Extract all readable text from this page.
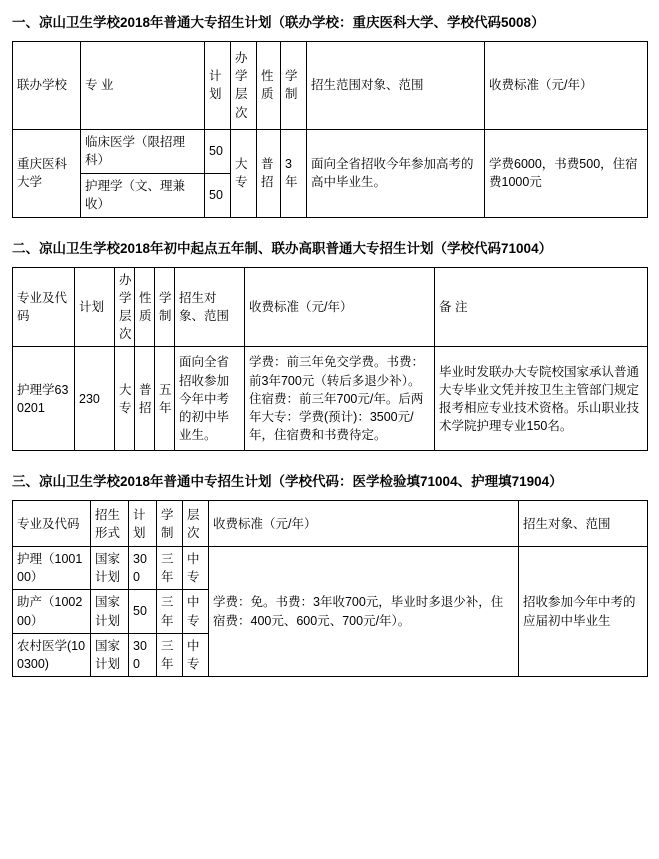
一、凉山卫生学校2018年普通大专招生计划（联办学校：重庆医科大学、学校代码5008）
联办学校	专 业	计划	办学层次	性质	学制	招生范围对象、范围	收费标准（元/年）
重庆医科大学	临床医学（限招理科）	50	大专	普招	3年	面向全省招收今年参加高考的高中毕业生。	学费6000，书费500，住宿费1000元
	护理学（文、理兼收）	50					
二、凉山卫生学校2018年初中起点五年制、联办高职普通大专招生计划（学校代码71004）
专业及代码	计划	办学层次	性质	学制	招生对象、范围	收费标准（元/年）	备 注
护理学630201	230	大专	普招	五年	面向全省招收参加今年中考的初中毕业生。	学费：前三年免交学费。书费：前3年700元（转后多退少补）。住宿费：前三年700元/年。后两年大专：学费(预计)：3500元/年，住宿费和书费待定。	毕业时发联办大专院校国家承认普通大专毕业文凭并按卫生主管部门规定报考相应专业技术资格。乐山职业技术学院护理专业150名。
三、凉山卫生学校2018年普通中专招生计划（学校代码：医学检验填71004、护理填71904）
专业及代码	招生形式	计划	学制	层次	收费标准（元/年）	招生对象、范围
护理（100100）	国家计划	300	三年	中专	学费：免。书费：3年收700元，毕业时多退少补，住宿费：400元、600元、700元/年）。	招收参加今年中考的应届初中毕业生
助产（100200）	国家计划	50	三年	中专		
农村医学(100300)	国家计划	300	三年	中专		
